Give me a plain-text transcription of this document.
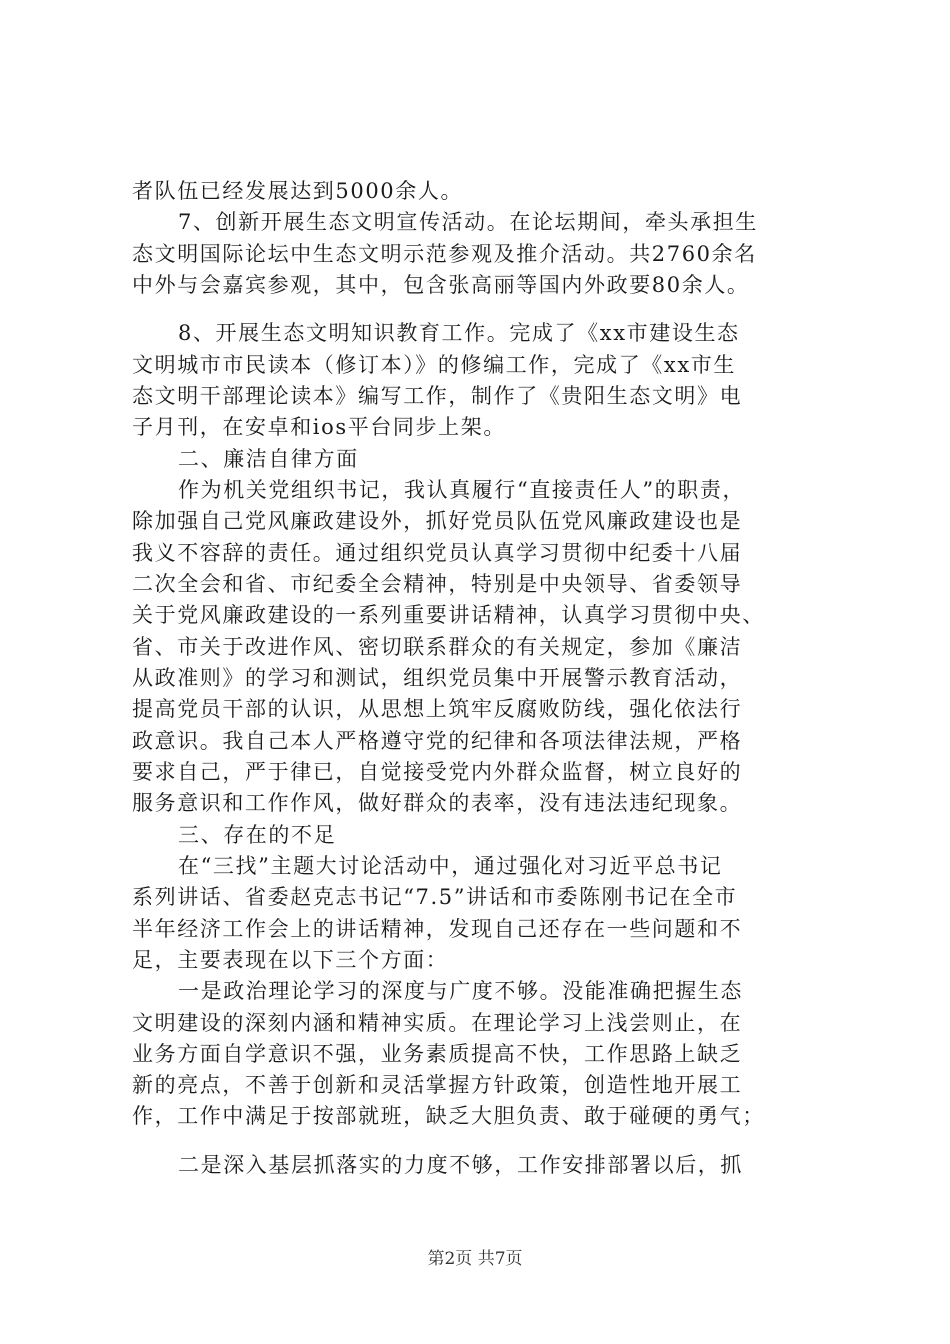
者队伍已经发展达到5000余人。
7、创新开展生态文明宣传活动。在论坛期间，牵头承担生
态文明国际论坛中生态文明示范参观及推介活动。共2760余名
中外与会嘉宾参观，其中，包含张高丽等国内外政要80余人。
8、开展生态文明知识教育工作。完成了《xx市建设生态
文明城市市民读本（修订本）》的修编工作，完成了《xx市生
态文明干部理论读本》编写工作，制作了《贵阳生态文明》电
子月刊，在安卓和ios平台同步上架。
二、廉洁自律方面
作为机关党组织书记，我认真履行“直接责任人”的职责，
除加强自己党风廉政建设外，抓好党员队伍党风廉政建设也是
我义不容辞的责任。通过组织党员认真学习贯彻中纪委十八届
二次全会和省、市纪委全会精神，特别是中央领导、省委领导
关于党风廉政建设的一系列重要讲话精神，认真学习贯彻中央、
省、市关于改进作风、密切联系群众的有关规定，参加《廉洁
从政准则》的学习和测试，组织党员集中开展警示教育活动，
提高党员干部的认识，从思想上筑牢反腐败防线，强化依法行
政意识。我自己本人严格遵守党的纪律和各项法律法规，严格
要求自己，严于律已，自觉接受党内外群众监督，树立良好的
服务意识和工作作风，做好群众的表率，没有违法违纪现象。
三、存在的不足
在“三找”主题大讨论活动中，通过强化对习近平总书记
系列讲话、省委赵克志书记“7.5”讲话和市委陈刚书记在全市
半年经济工作会上的讲话精神，发现自己还存在一些问题和不
足，主要表现在以下三个方面：
一是政治理论学习的深度与广度不够。没能准确把握生态
文明建设的深刻内涵和精神实质。在理论学习上浅尝则止，在
业务方面自学意识不强，业务素质提高不快，工作思路上缺乏
新的亮点，不善于创新和灵活掌握方针政策，创造性地开展工
作，工作中满足于按部就班，缺乏大胆负责、敢于碰硬的勇气；
二是深入基层抓落实的力度不够，工作安排部署以后，抓
第2页 共7页
